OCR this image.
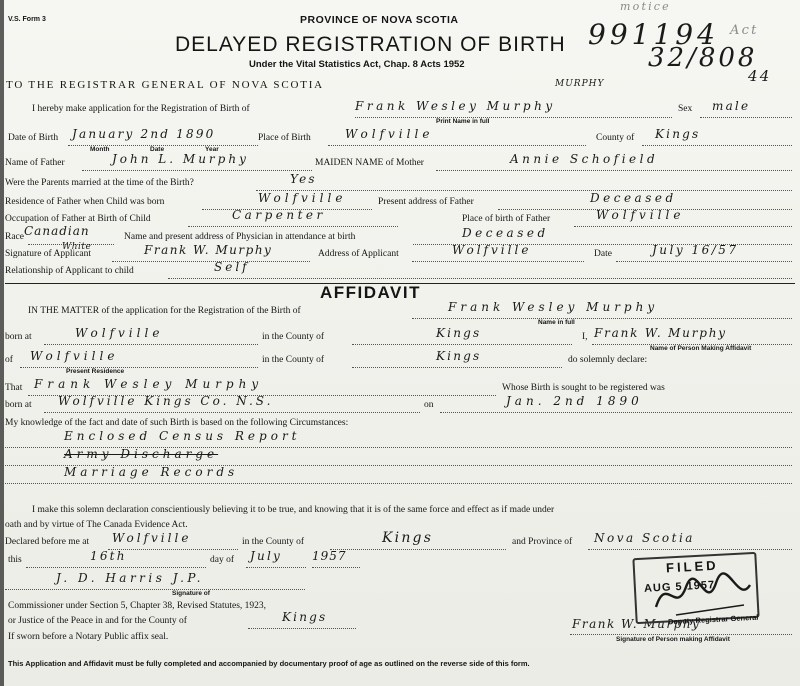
V.S. Form 3	PROVINCE OF NOVA SCOTIA
DELAYED REGISTRATION OF BIRTH
Under the Vital Statistics Act, Chap. 8 Acts 1952
TO THE REGISTRAR GENERAL OF NOVA SCOTIA
991194
32/808
motice
Act
44
I hereby make application for the Registration of Birth of	Frank Wesley Murphy
MURPHY
Print Name in full
Sex male
Date of Birth January 2nd 1890
Month	Date	Year
Place of Birth	Wolfville	County of Kings
Name of Father	John L. Murphy	MAIDEN NAME of Mother	Annie Schofield
Were the Parents married at the time of the Birth?	Yes
Residence of Father when Child was born	Wolfville	Present address of Father	Deceased
Occupation of Father at Birth of Child	Carpenter	Place of birth of Father	Wolfville
Race Canadian
White
Name and present address of Physician in attendance at birth	Deceased
Signature of Applicant	Frank W. Murphy	Address of Applicant	Wolfville	Date	July 16/57
Relationship of Applicant to child	Self
AFFIDAVIT
IN THE MATTER of the application for the Registration of the Birth of	Frank Wesley Murphy
Name in full
born at	Wolfville	in the County of	Kings	I, Frank W. Murphy
Name of Person Making Affidavit
of Wolfville
Present Residence
in the County of	Kings	do solemnly declare:
That Frank Wesley Murphy	Whose Birth is sought to be registered was
born at Wolfville Kings Co. N.S.	on	Jan. 2nd 1890
My knowledge of the fact and date of such Birth is based on the following Circumstances:
Enclosed Census Report
Army Discharge
Marriage Records
I make this solemn declaration conscientiously believing it to be true, and knowing that it is of the same force and effect as if made under
oath and by virtue of The Canada Evidence Act.
Declared before me at Wolfville	in the County of	Kings	and Province of Nova Scotia
this	16th	day of July	1957
J. D. Harris J.P.
Signature of
Commissioner under Section 5, Chapter 38, Revised Statutes, 1923,
or Justice of the Peace in and for the County of	Kings
If sworn before a Notary Public affix seal.
Frank W. Murphy
Signature of Person making Affidavit
FILED
AUG 5 1957
Deputy Registrar General
This Application and Affidavit must be fully completed and accompanied by documentary proof of age as outlined on the reverse side of this form.
